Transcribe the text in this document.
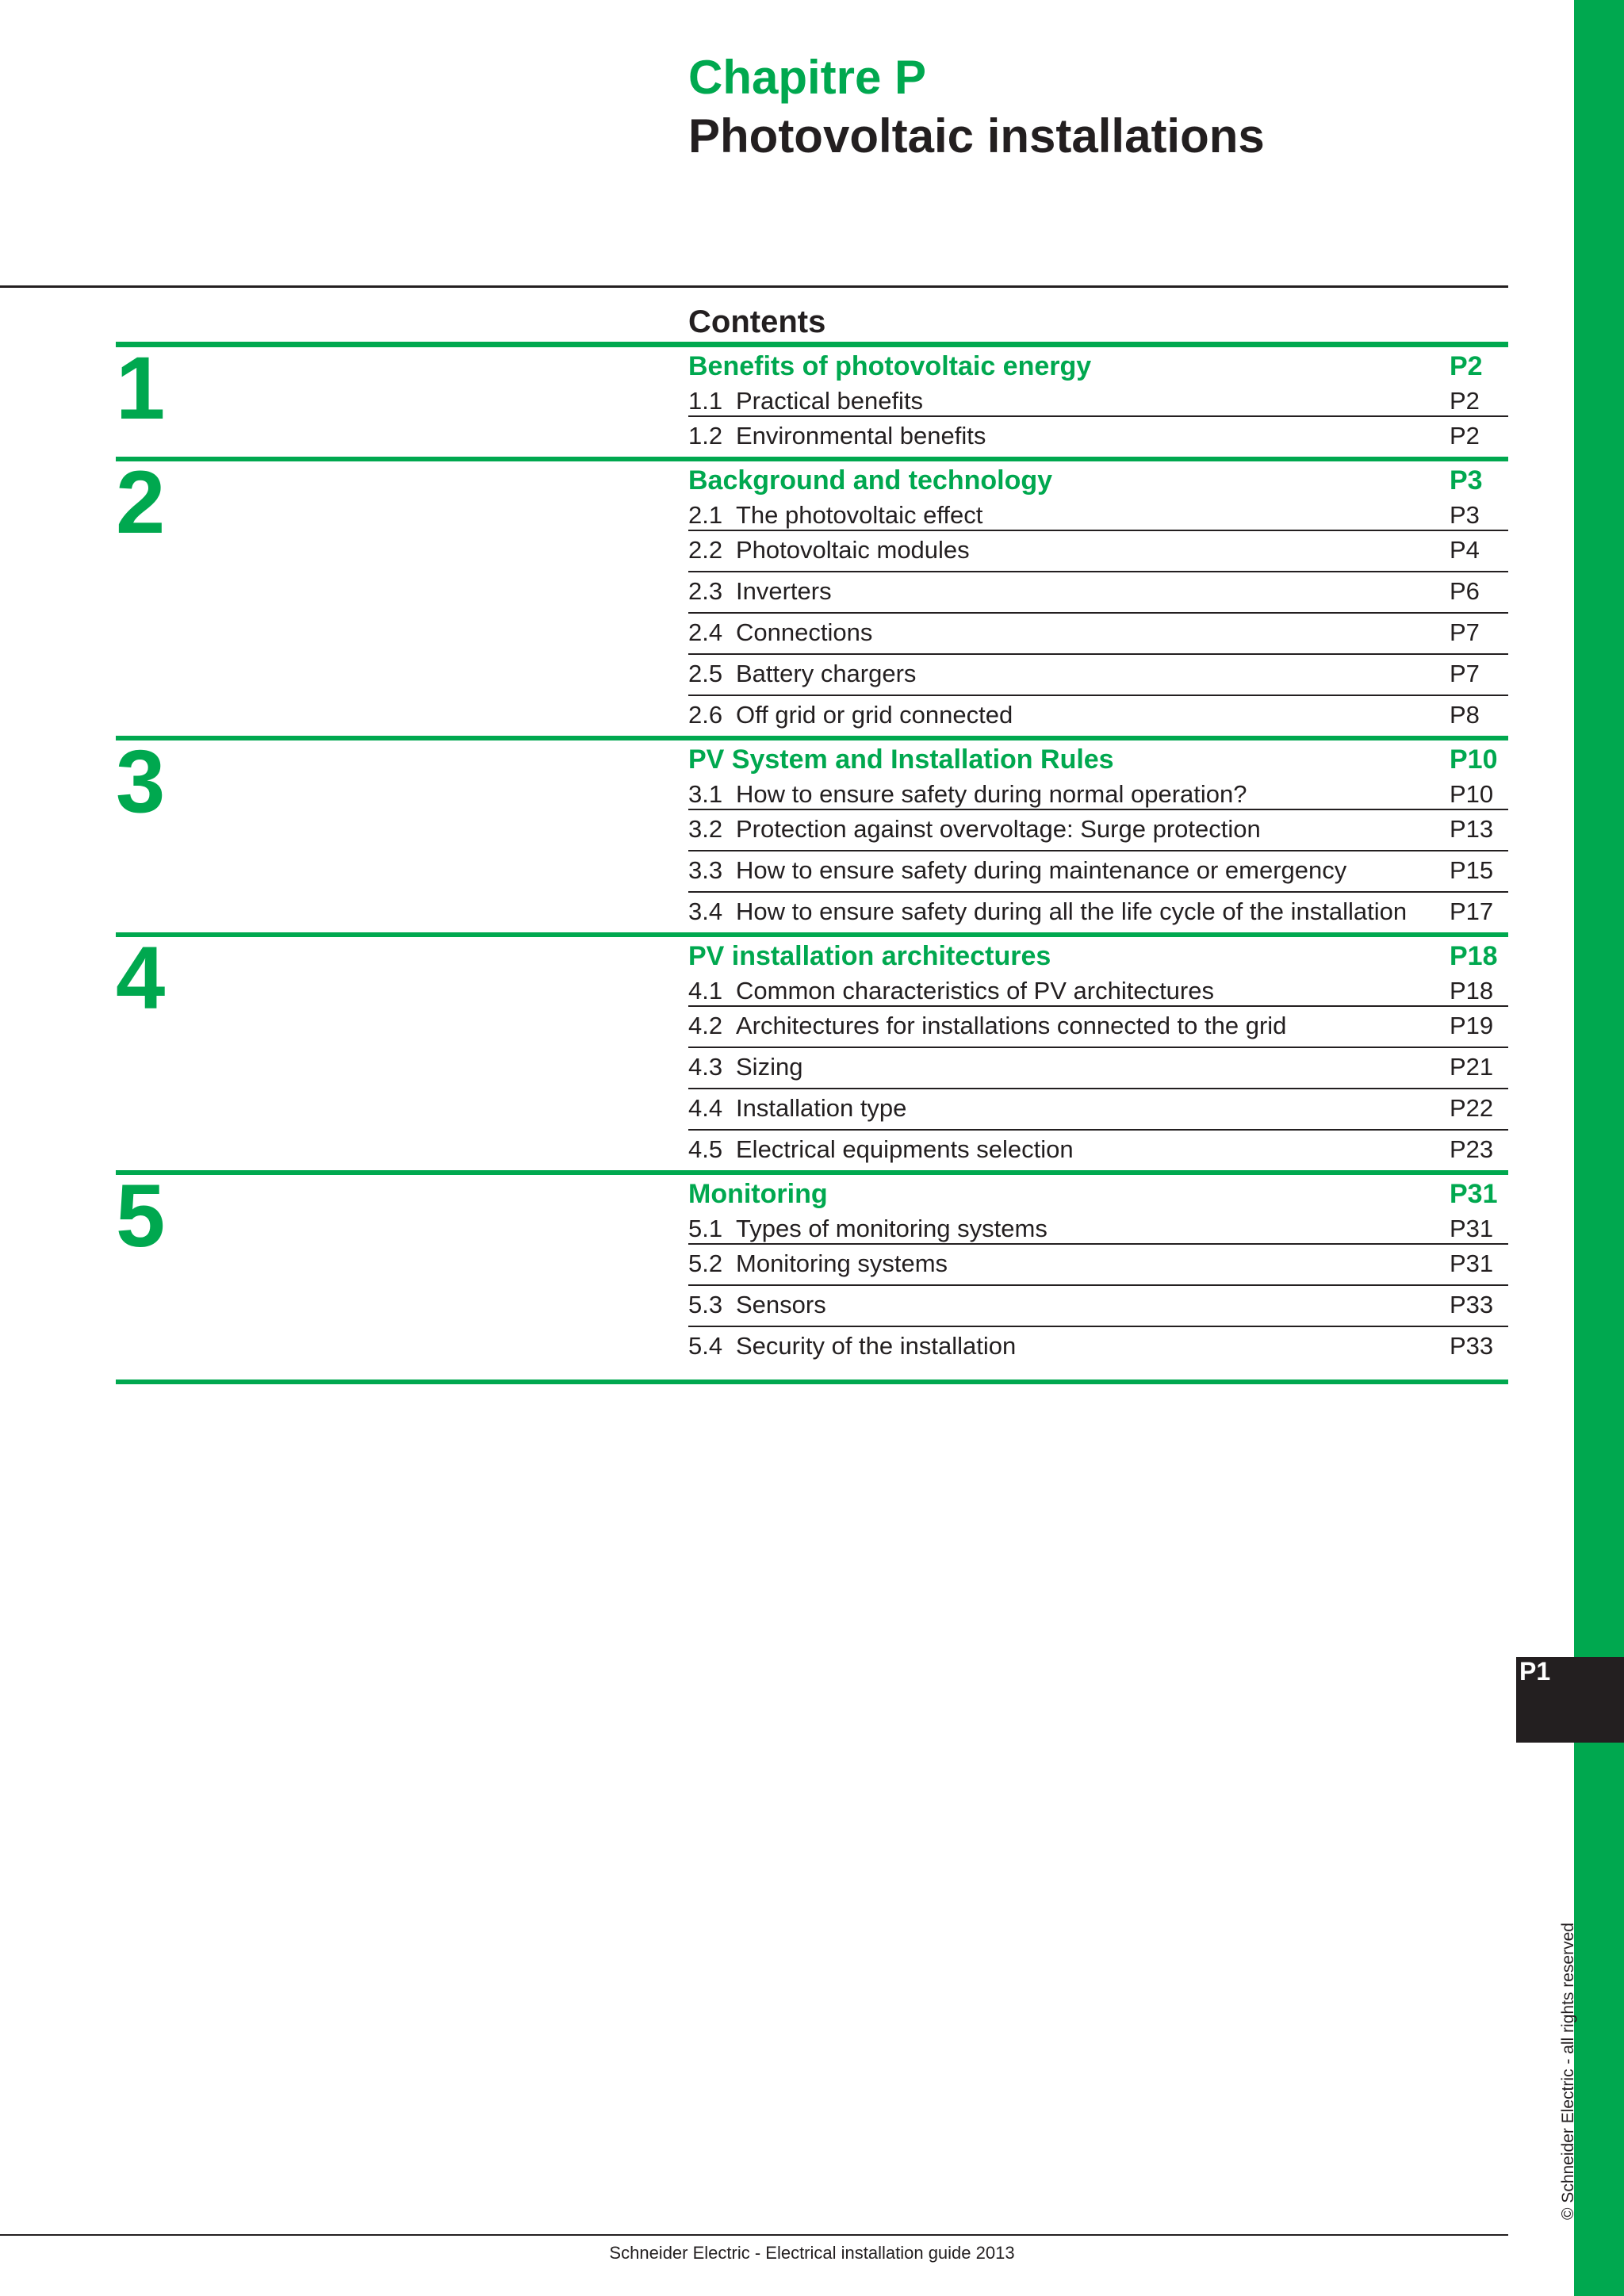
P1
© Schneider Electric - all rights reserved
Chapitre P
Photovoltaic installations
Contents
1	Benefits of photovoltaic energy	P2
1.1 Practical benefits	P2
1.2 Environmental benefits	P2
2	Background and technology	P3
2.1 The photovoltaic effect	P3
2.2 Photovoltaic modules	P4
2.3 Inverters	P6
2.4 Connections	P7
2.5 Battery chargers	P7
2.6 Off grid or grid connected	P8
3	PV System and Installation Rules	P10
3.1 How to ensure safety during normal operation?	P10
3.2 Protection against overvoltage: Surge protection	P13
3.3 How to ensure safety during maintenance or emergency	P15
3.4 How to ensure safety during all the life cycle of the installation P17
4	PV installation architectures	P18
4.1 Common characteristics of PV architectures	P18
4.2 Architectures for installations connected to the grid	P19
4.3 Sizing	P21
4.4 Installation type	P22
4.5 Electrical equipments selection	P23
5	Monitoring	P31
5.1 Types of monitoring systems	P31
5.2 Monitoring systems	P31
5.3 Sensors	P33
5.4 Security of the installation	P33
Schneider Electric - Electrical installation guide 2013
